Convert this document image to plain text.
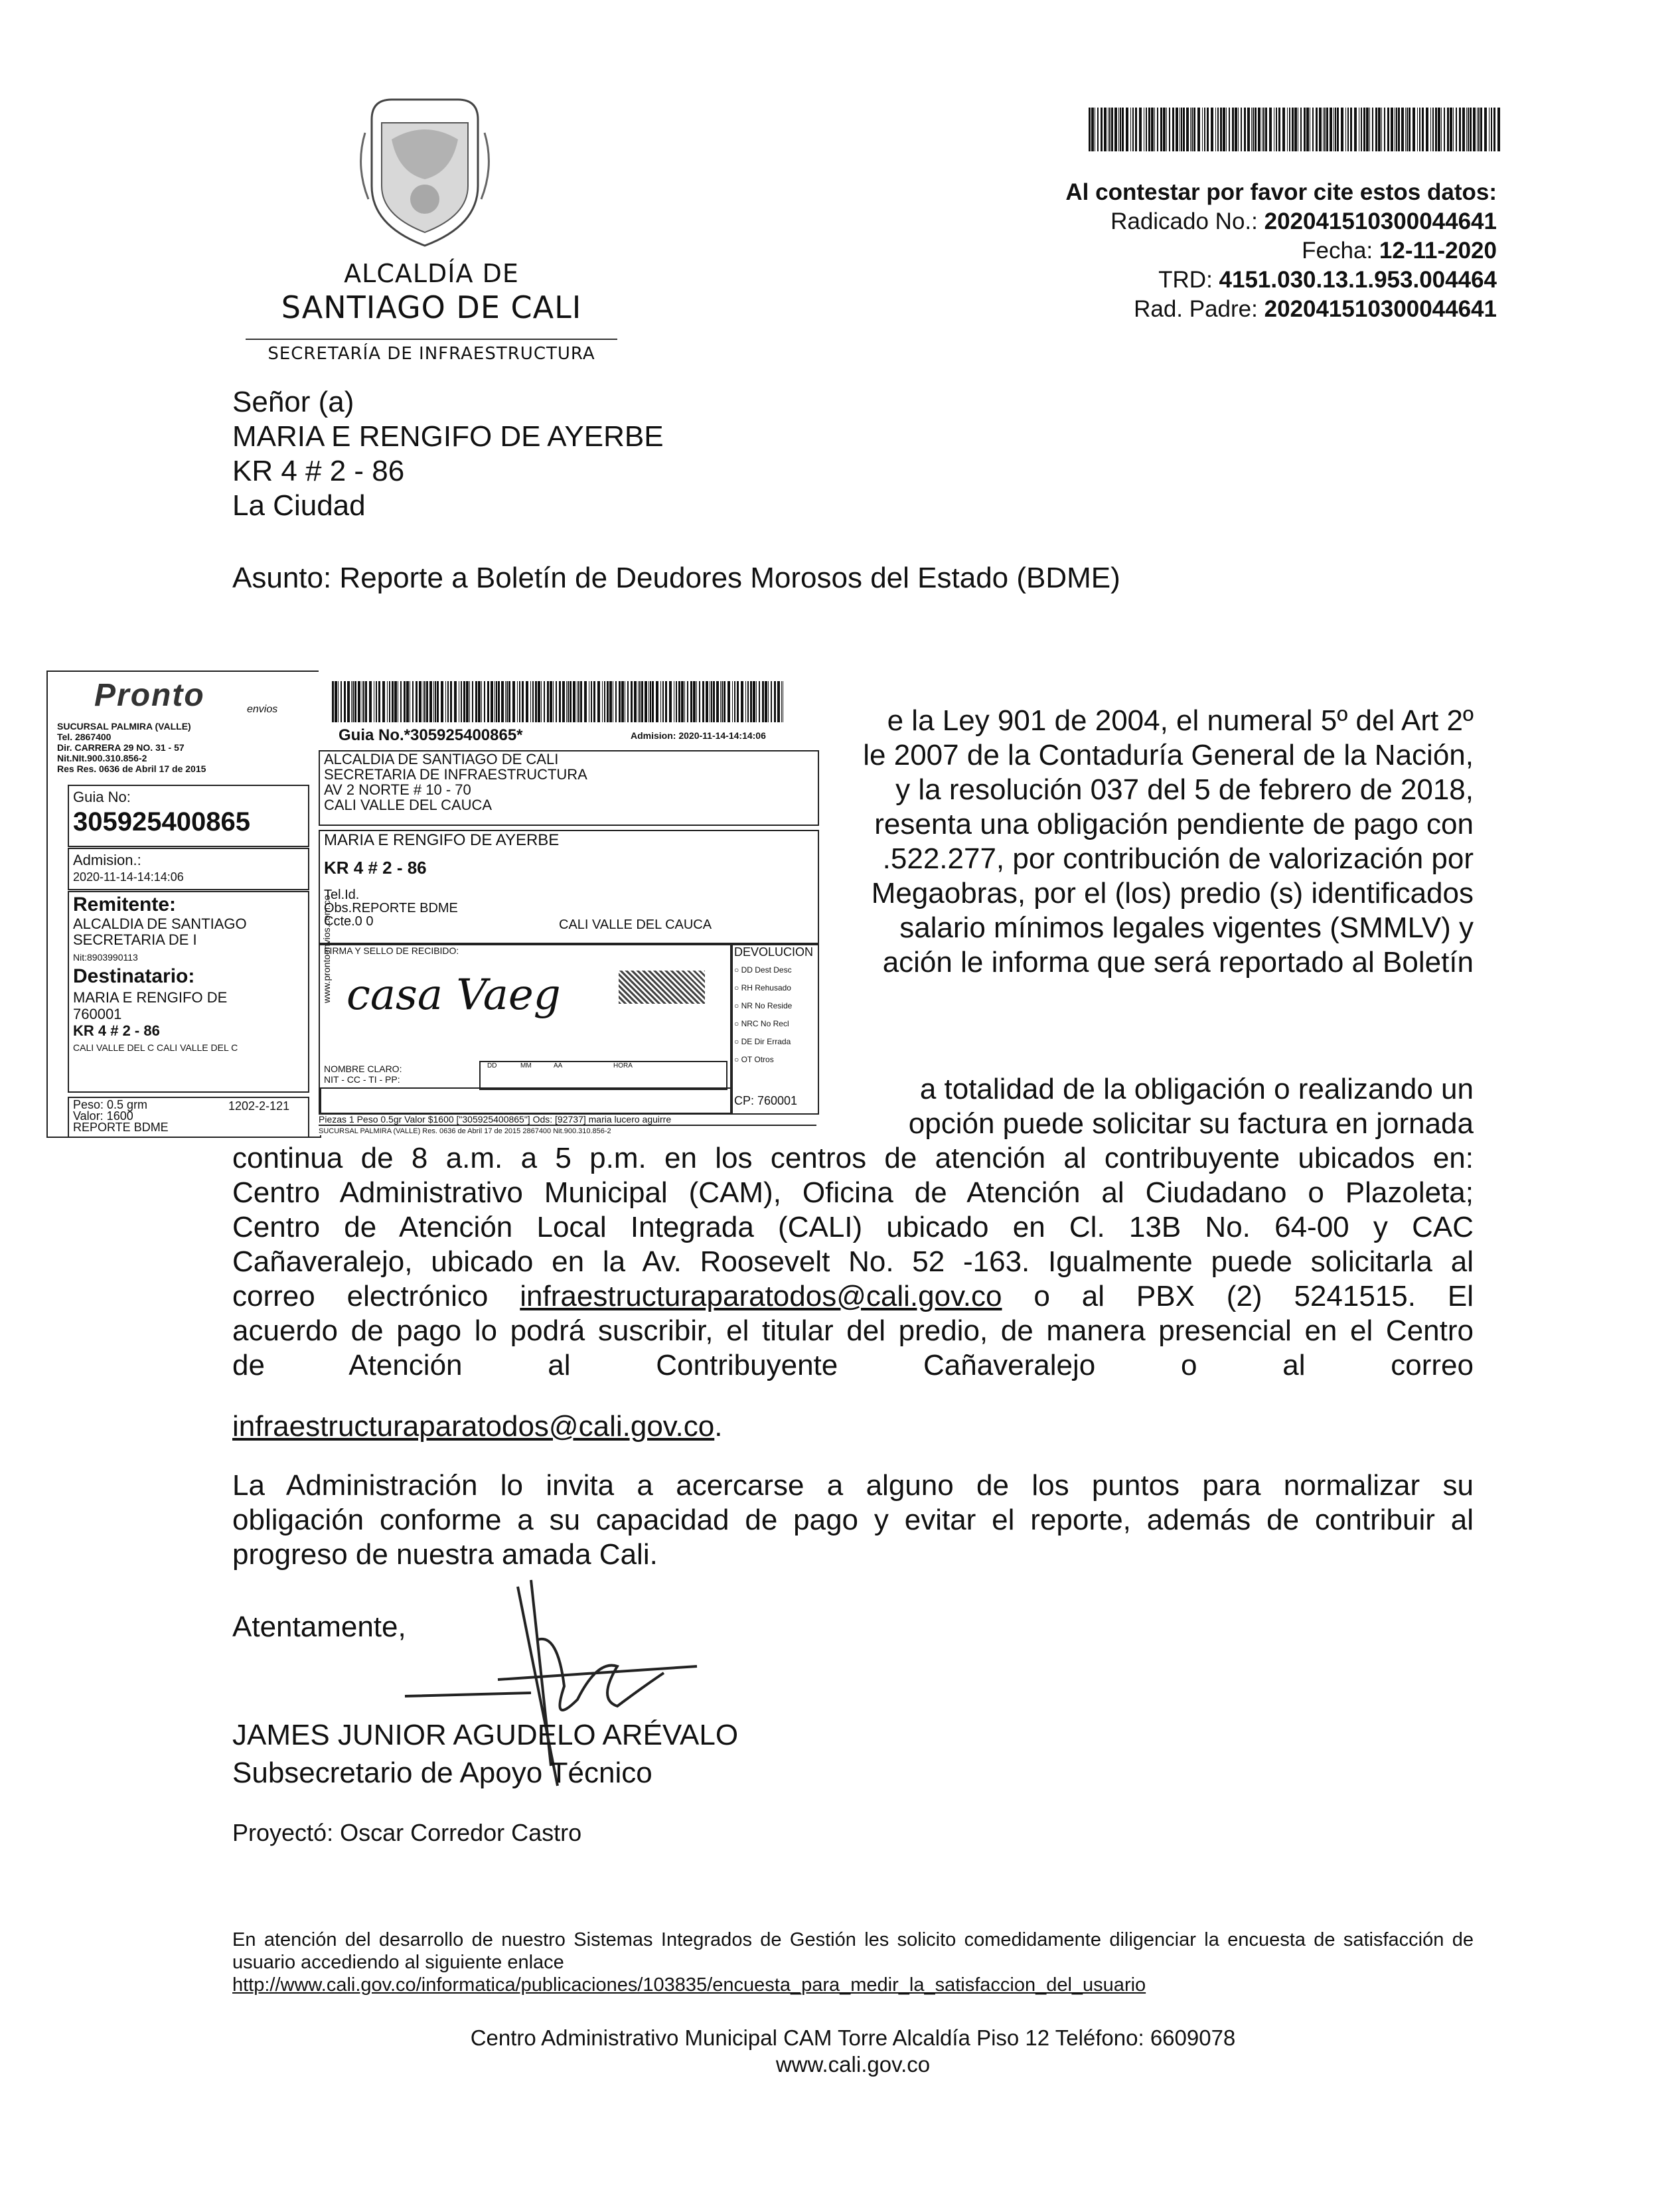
ALCALDÍA DE
SANTIAGO DE CALI
SECRETARÍA DE INFRAESTRUCTURA
Al contestar por favor cite estos datos:
Radicado No.: 202041510300044641
Fecha: 12-11-2020
TRD: 4151.030.13.1.953.004464
Rad. Padre: 202041510300044641
Señor (a)
MARIA E RENGIFO DE AYERBE
KR 4 # 2 - 86
La Ciudad
Asunto: Reporte a Boletín de Deudores Morosos del Estado (BDME)
e la Ley 901 de 2004, el numeral 5º del Art 2º
le 2007 de la Contaduría General de la Nación,
y la resolución 037 del 5 de febrero de 2018,
resenta una obligación pendiente de pago con
.522.277, por contribución de valorización por
Megaobras, por el (los) predio (s) identificados
salario mínimos legales vigentes (SMMLV) y
ación le informa que será reportado al Boletín
a totalidad de la obligación o realizando un
opción puede solicitar su factura en jornada
continua de 8 a.m. a 5 p.m. en los centros de atención al contribuyente ubicados en:
Centro Administrativo Municipal (CAM), Oficina de Atención al Ciudadano o Plazoleta;
Centro de Atención Local Integrada (CALI) ubicado en Cl. 13B No. 64-00 y CAC
Cañaveralejo, ubicado en la Av. Roosevelt No. 52 -163. Igualmente puede solicitarla al
correo electrónico infraestructuraparatodos@cali.gov.co o al PBX (2) 5241515. El
acuerdo de pago lo podrá suscribir, el titular del predio, de manera presencial en el Centro
de Atención al Contribuyente Cañaveralejo o al correo
infraestructuraparatodos@cali.gov.co.
La Administración lo invita a acercarse a alguno de los puntos para normalizar su
obligación conforme a su capacidad de pago y evitar el reporte, además de contribuir al
progreso de nuestra amada Cali.
Atentamente,
JAMES JUNIOR AGUDELO ARÉVALO
Subsecretario de Apoyo Técnico
Proyectó: Oscar Corredor Castro
En atención del desarrollo de nuestro Sistemas Integrados de Gestión les solicito comedidamente diligenciar la encuesta de satisfacción de usuario accediendo al siguiente enlace
http://www.cali.gov.co/informatica/publicaciones/103835/encuesta_para_medir_la_satisfaccion_del_usuario
Centro Administrativo Municipal CAM Torre Alcaldía Piso 12 Teléfono: 6609078
www.cali.gov.co
Pronto	envios
SUCURSAL PALMIRA (VALLE)
Tel. 2867400
Dir. CARRERA 29 NO. 31 - 57
Nit.NIt.900.310.856-2
Res Res. 0636 de Abril 17 de 2015
Guia No:
305925400865
Admision.:
2020-11-14-14:14:06
Remitente:
ALCALDIA DE SANTIAGO
SECRETARIA DE I
Nit:8903990113
Destinatario:
MARIA E RENGIFO DE
760001
KR 4 # 2 - 86
CALI VALLE DEL C CALI VALLE DEL C
Peso: 0.5 grm
Valor: 1600
REPORTE BDME
1202-2-121
Guia No.*305925400865*	Admision: 2020-11-14-14:14:06
www.prontoenvios.com.co
ALCALDIA DE SANTIAGO DE CALI
SECRETARIA DE INFRAESTRUCTURA
AV 2 NORTE # 10 - 70
CALI VALLE DEL CAUCA
MARIA E RENGIFO DE AYERBE
KR 4 # 2 - 86
Tel.Id.
Obs.REPORTE BDME
Ccte.0 0	CALI VALLE DEL CAUCA
FIRMA Y SELLO DE RECIBIDO:
casa Vaeg
NOMBRE CLARO:
NIT - CC - TI - PP:
DD	MM	AA	HORA
DEVOLUCION
○ DD Dest Desc
○ RH Rehusado
○ NR No Reside
○ NRC No Recl
○ DE Dir Errada
○ OT Otros
CP: 760001
Piezas 1 Peso 0.5gr Valor $1600 ["305925400865"] Ods: [92737] maria lucero aguirre
SUCURSAL PALMIRA (VALLE) Res. 0636 de Abril 17 de 2015 2867400 Nit.900.310.856-2
